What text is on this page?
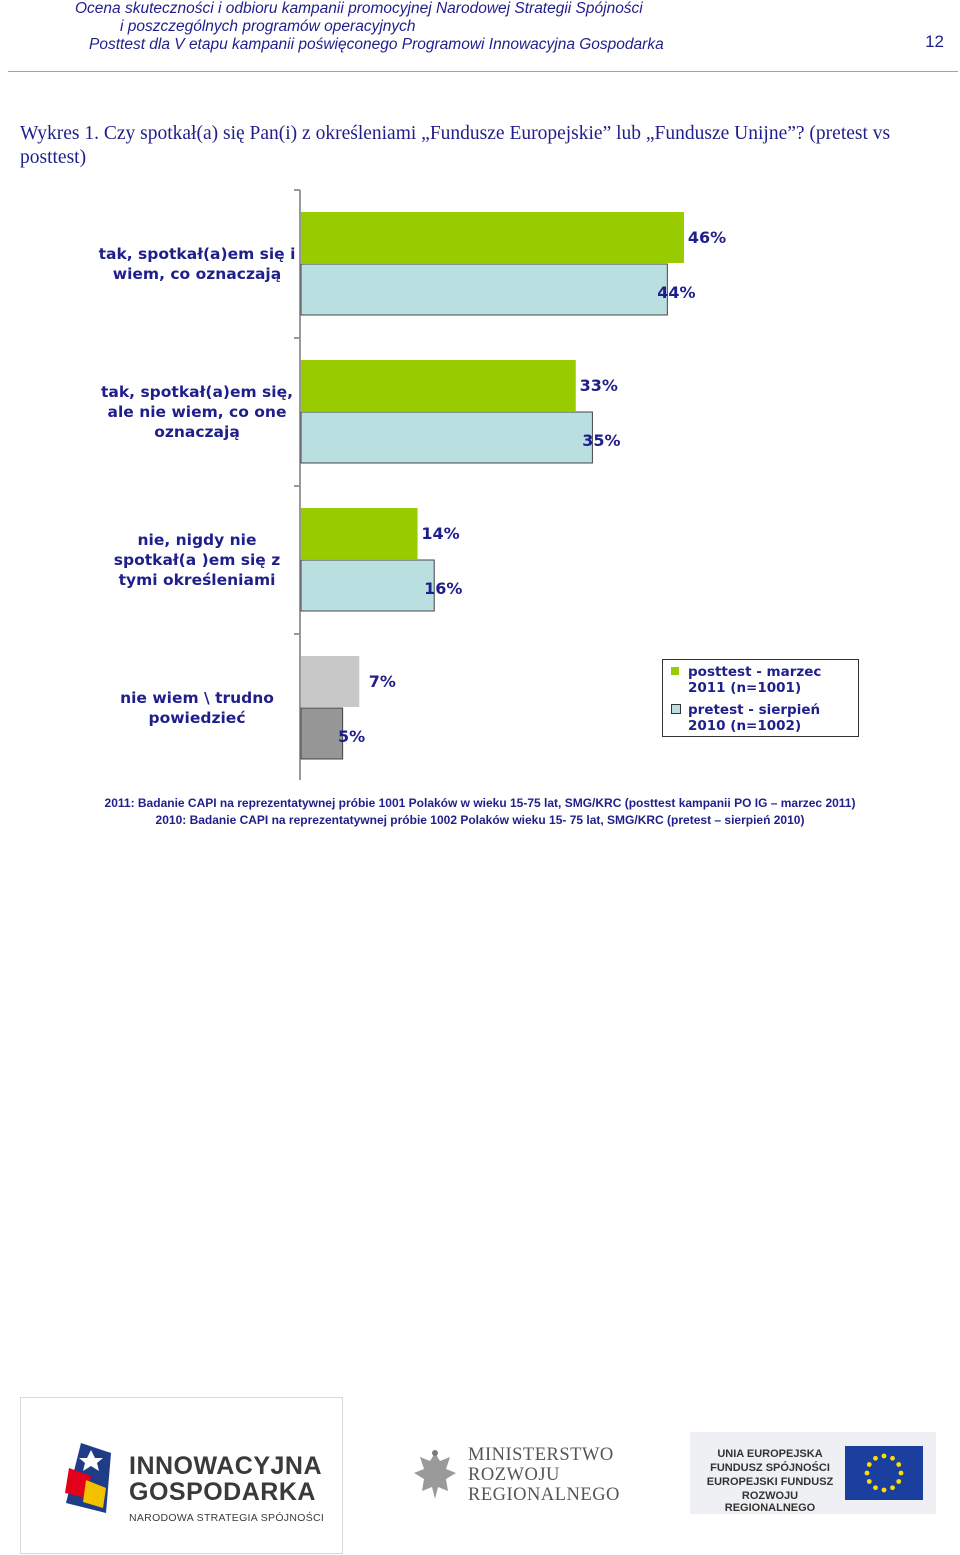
Ocena skuteczności i odbioru kampanii promocyjnej Narodowej Strategii Spójności
i poszczególnych programów operacyjnych
Posttest dla V etapu kampanii poświęconego Programowi Innowacyjna Gospodarka	12
Wykres 1. Czy spotkał(a) się Pan(i) z określeniami „Fundusze Europejskie” lub „Fundusze Unijne”? (pretest vs posttest)
tak, spotkał(a)em się i
wiem, co oznaczają
46%
44%
tak, spotkał(a)em się,
ale nie wiem, co one
oznaczają
33%
35%
nie, nigdy nie
spotkał(a )em się z
tymi określeniami
14%
16%
nie wiem \ trudno
powiedzieć
7%
5%
posttest - marzec 2011 (n=1001)
pretest - sierpień 2010 (n=1002)
2011: Badanie CAPI na reprezentatywnej próbie 1001 Polaków w wieku 15-75 lat, SMG/KRC (posttest kampanii PO IG – marzec 2011)
2010: Badanie CAPI na reprezentatywnej próbie 1002 Polaków wieku 15- 75 lat, SMG/KRC (pretest – sierpień 2010)
INNOWACYJNA
GOSPODARKA
NARODOWA STRATEGIA SPÓJNOŚCI
MINISTERSTWO
ROZWOJU
REGIONALNEGO
UNIA EUROPEJSKA
FUNDUSZ SPÓJNOŚCI
EUROPEJSKI FUNDUSZ
ROZWOJU REGIONALNEGO
